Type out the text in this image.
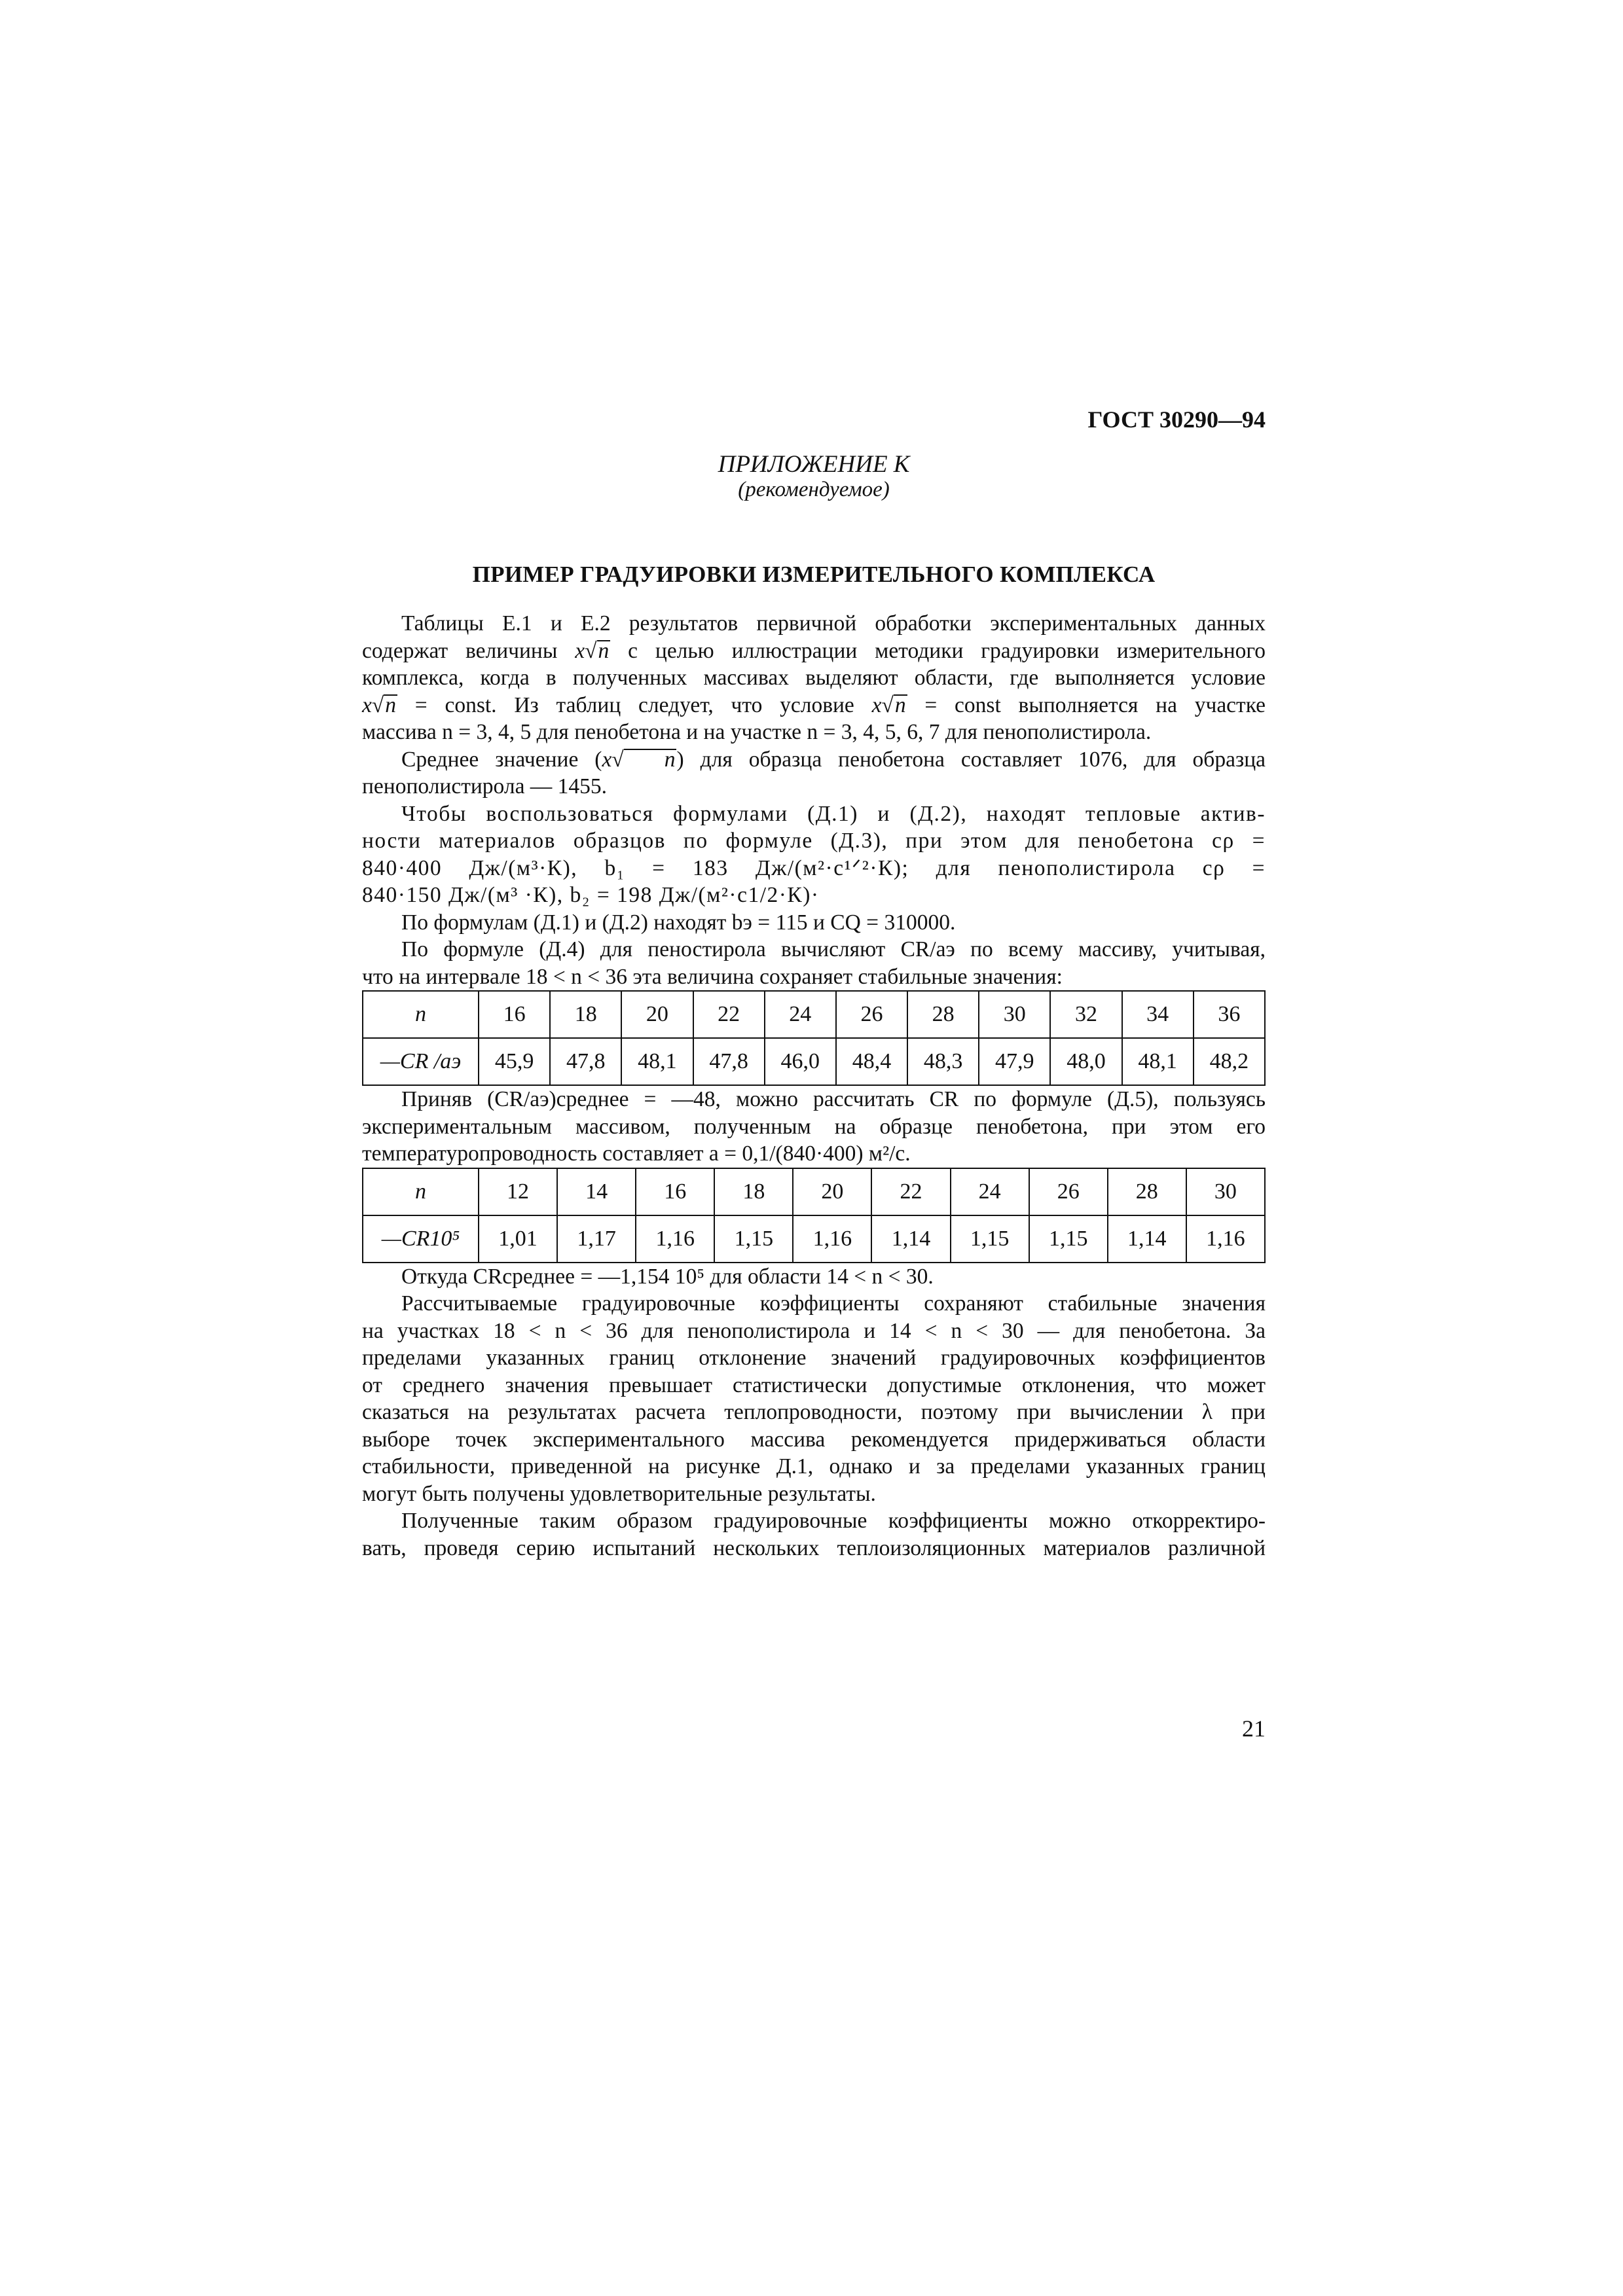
ГОСТ 30290—94
ПРИЛОЖЕНИЕ К
(рекомендуемое)
ПРИМЕР ГРАДУИРОВКИ ИЗМЕРИТЕЛЬНОГО КОМПЛЕКСА
Таблицы Е.1 и Е.2 результатов первичной обработки экспериментальных данных
содержат величины x√n с целью иллюстрации методики градуировки измерительного
комплекса, когда в полученных массивах выделяют области, где выполняется условие
x√n = const. Из таблиц следует, что условие x√n = const выполняется на участке
массива n = 3, 4, 5 для пенобетона и на участке n = 3, 4, 5, 6, 7 для пенополистирола.
Среднее значение (x√ n) для образца пенобетона составляет 1076, для образца
пенополистирола — 1455.
Чтобы воспользоваться формулами (Д.1) и (Д.2), находят тепловые актив-
ности материалов образцов по формуле (Д.3), при этом для пенобетона cρ =
840·400 Дж/(м³·К), b₁ = 183 Дж/(м²·с¹ᐟ²·К); для пенополистирола cρ =
840·150 Дж/(м³ ·К), b₂ = 198 Дж/(м²·с1/2·К)·
По формулам (Д.1) и (Д.2) находят bэ = 115 и CQ = 310000.
По формуле (Д.4) для пеностирола вычисляют CR/aэ по всему массиву, учитывая,
что на интервале 18 < n < 36 эта величина сохраняет стабильные значения:
n	16	18	20	22	24	26	28	30	32	34	36
—CR /aэ	45,9	47,8	48,1	47,8	46,0	48,4	48,3	47,9	48,0	48,1	48,2
Приняв (CR/aэ)среднее = —48, можно рассчитать CR по формуле (Д.5), пользуясь
экспериментальным массивом, полученным на образце пенобетона, при этом его
температуропроводность составляет a = 0,1/(840·400) м²/с.
n	12	14	16	18	20	22	24	26	28	30
—CR10⁵	1,01	1,17	1,16	1,15	1,16	1,14	1,15	1,15	1,14	1,16
Откуда CRсреднее = —1,154 10⁵ для области 14 < n < 30.
Рассчитываемые градуировочные коэффициенты сохраняют стабильные значения
на участках 18 < n < 36 для пенополистирола и 14 < n < 30 — для пенобетона. За
пределами указанных границ отклонение значений градуировочных коэффициентов
от среднего значения превышает статистически допустимые отклонения, что может
сказаться на результатах расчета теплопроводности, поэтому при вычислении λ при
выборе точек экспериментального массива рекомендуется придерживаться области
стабильности, приведенной на рисунке Д.1, однако и за пределами указанных границ
могут быть получены удовлетворительные результаты.
Полученные таким образом градуировочные коэффициенты можно откорректиро-
вать, проведя серию испытаний нескольких теплоизоляционных материалов различной
21
